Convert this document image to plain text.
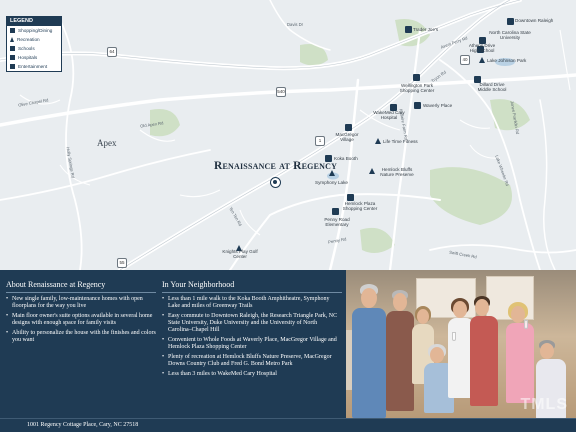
64
1
40
55
540
Old Apex Rd	Kildaire Farm Rd
Tryon Rd
Penny Rd
Ten Ten Rd
Lake Wheeler Rd
Jones Franklin Rd
Holly Springs Rd
Olive Chapel Rd
Swift Creek Rd
Davis Dr
Avent Ferry Rd
Apex
Downtown Raleigh
Trader Joe's
North Carolina State University
Athens Drive High School
Lake Johnson Park
Dillard Drive Middle School
Wellington Park Shopping Center
Waverly Place
WakeMed Cary Hospital
MacGregor Village	Life Time Fitness
Koka Booth
Symphony Lake
Hemlock Bluffs Nature Preserve
Hemlock Plaza Shopping Center
Penny Road Elementary
Knights Play Golf Center
Renaissance at Regency
LEGEND
Shopping/Dining
Recreation
Schools
Hospitals
Entertainment
About Renaissance at Regency
• New single family, low-maintenance homes with open floorplans for the way you live
• Main floor owner's suite options available in several home designs with enough space for family visits
• Ability to personalize the house with the finishes and colors you want
In Your Neighborhood
• Less than 1 mile walk to the Koka Booth Amphitheatre, Symphony Lake and miles of Greenway Trails
• Easy commute to Downtown Raleigh, the Research Triangle Park, NC State University, Duke University and the University of North Carolina–Chapel Hill
• Convenient to Whole Foods at Waverly Place, MacGregor Village and Hemlock Plaza Shopping Center
• Plenty of recreation at Hemlock Bluffs Nature Preserve, MacGregor Downs Country Club and Fred G. Bond Metro Park
• Less than 3 miles to WakeMed Cary Hospital
TMLS
1001 Regency Cottage Place, Cary, NC 27518
